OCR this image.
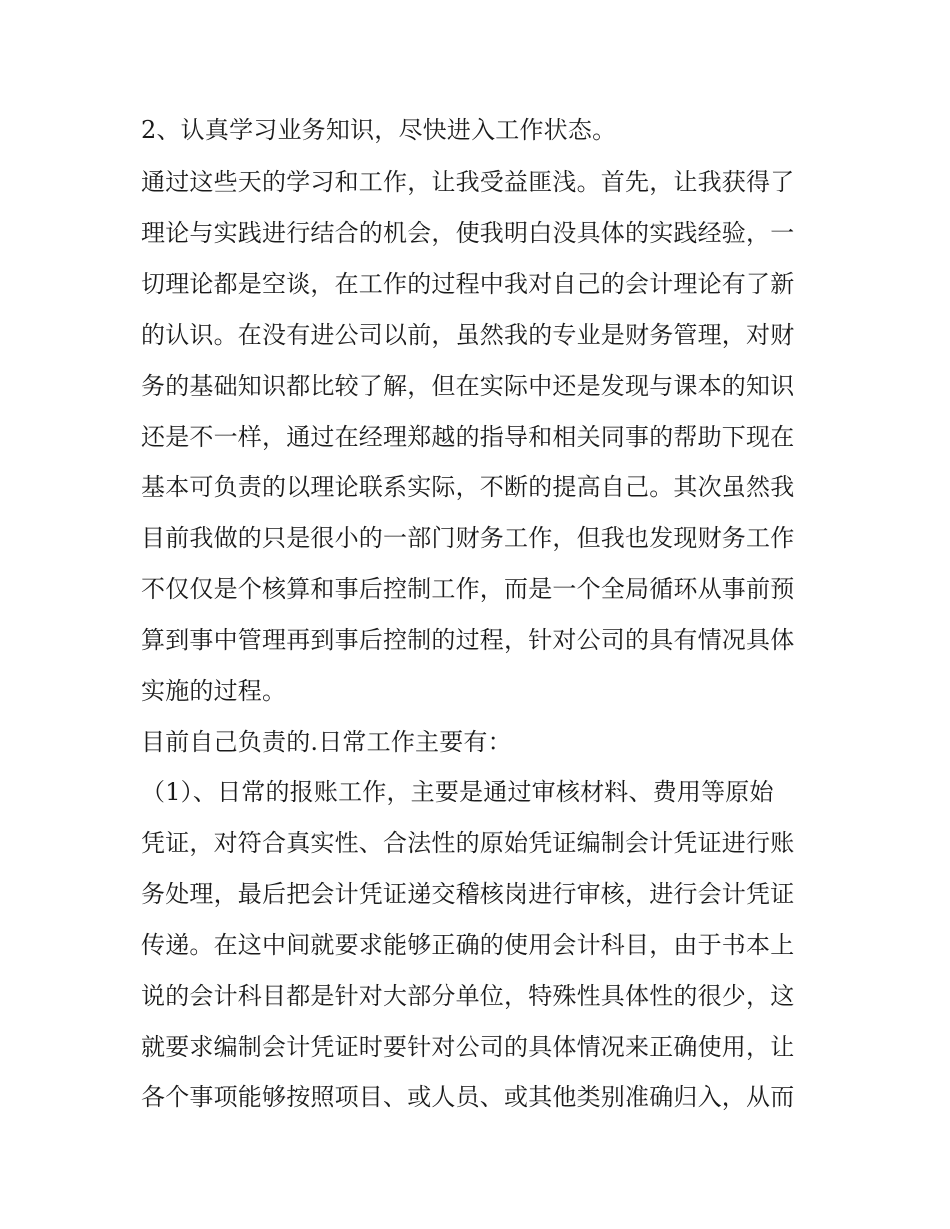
2、认真学习业务知识，尽快进入工作状态。

通过这些天的学习和工作，让我受益匪浅。首先，让我获得了

理论与实践进行结合的机会，使我明白没具体的实践经验，一

切理论都是空谈，在工作的过程中我对自己的会计理论有了新

的认识。在没有进公司以前，虽然我的专业是财务管理，对财

务的基础知识都比较了解，但在实际中还是发现与课本的知识

还是不一样，通过在经理郑越的指导和相关同事的帮助下现在

基本可负责的以理论联系实际，不断的提高自己。其次虽然我

目前我做的只是很小的一部门财务工作，但我也发现财务工作

不仅仅是个核算和事后控制工作，而是一个全局循环从事前预

算到事中管理再到事后控制的过程，针对公司的具有情况具体

实施的过程。

目前自己负责的.日常工作主要有：

（1）、日常的报账工作，主要是通过审核材料、费用等原始

凭证，对符合真实性、合法性的原始凭证编制会计凭证进行账

务处理，最后把会计凭证递交稽核岗进行审核，进行会计凭证

传递。在这中间就要求能够正确的使用会计科目，由于书本上

说的会计科目都是针对大部分单位，特殊性具体性的很少，这

就要求编制会计凭证时要针对公司的具体情况来正确使用，让

各个事项能够按照项目、或人员、或其他类别准确归入，从而
